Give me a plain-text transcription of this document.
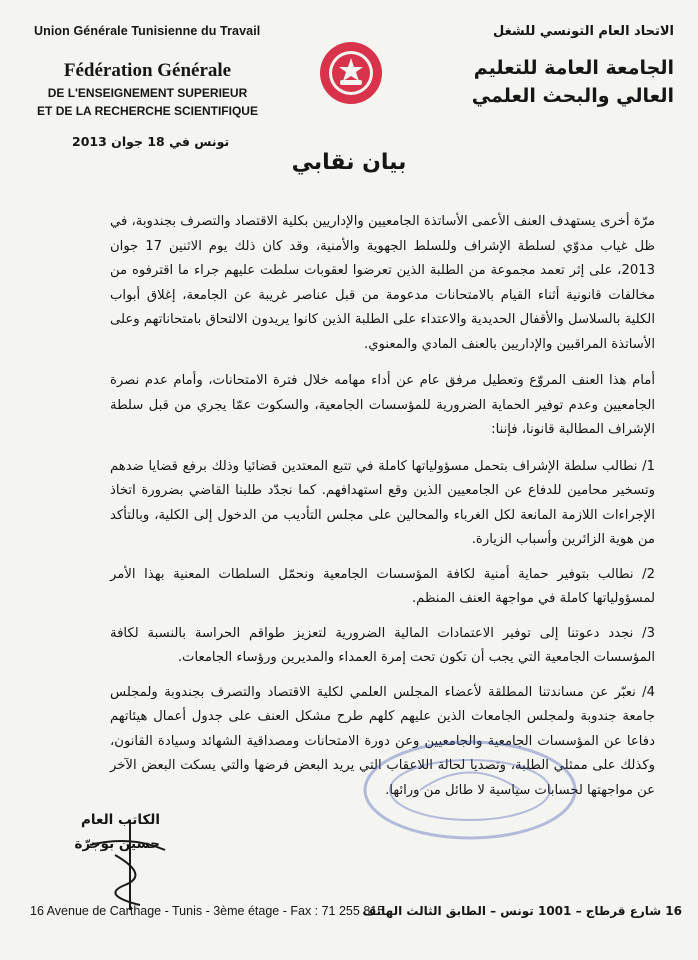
Union Générale Tunisienne du Travail
Fédération Générale
DE L'ENSEIGNEMENT SUPERIEUR
ET DE LA RECHERCHE SCIENTIFIQUE
تونس في 18 جوان 2013
الاتحاد العام التونسي للشغل
الجامعة العامة للتعليم
العالي والبحث العلمي
بيان نقابي

مرّة أخرى يستهدف العنف الأعمى الأساتذة الجامعيين والإداريين بكلية الاقتصاد والتصرف بجندوبة، في ظل غياب مدوّي لسلطة الإشراف وللسلط الجهوية والأمنية، وقد كان ذلك يوم الاثنين 17 جوان 2013، على إثر تعمد مجموعة من الطلبة الذين تعرضوا لعقوبات سلطت عليهم جراء ما اقترفوه من مخالفات قانونية أثناء القيام بالامتحانات مدعومة من قبل عناصر غريبة عن الجامعة، إغلاق أبواب الكلية بالسلاسل والأقفال الحديدية والاعتداء على الطلبة الذين كانوا يريدون الالتحاق بامتحاناتهم وعلى الأساتذة المراقبين والإداريين بالعنف المادي والمعنوي.

أمام هذا العنف المروّع وتعطيل مرفق عام عن أداء مهامه خلال فترة الامتحانات، وأمام عدم نصرة الجامعيين وعدم توفير الحماية الضرورية للمؤسسات الجامعية، والسكوت عمّا يجري من قبل سلطة الإشراف المطالبة قانونا، فإننا:

1/ نطالب سلطة الإشراف بتحمل مسؤولياتها كاملة في تتبع المعتدين قضائيا وذلك برفع قضايا ضدهم وتسخير محامين للدفاع عن الجامعيين الذين وقع استهدافهم. كما نجدّد طلبنا القاضي بضرورة اتخاذ الإجراءات اللازمة المانعة لكل الغرباء والمحالين على مجلس التأديب من الدخول إلى الكلية، وبالتأكد من هوية الزائرين وأسباب الزيارة.

2/ نطالب بتوفير حماية أمنية لكافة المؤسسات الجامعية ونحمّل السلطات المعنية بهذا الأمر لمسؤولياتها كاملة في مواجهة العنف المنظم.

3/ نجدد دعوتنا إلى توفير الاعتمادات المالية الضرورية لتعزيز طواقم الحراسة بالنسبة لكافة المؤسسات الجامعية التي يجب أن تكون تحت إمرة العمداء والمديرين ورؤساء الجامعات.

4/ نعبّر عن مساندتنا المطلقة لأعضاء المجلس العلمي لكلية الاقتصاد والتصرف بجندوبة ولمجلس جامعة جندوبة ولمجلس الجامعات الذين عليهم كلهم طرح مشكل العنف على جدول أعمال هيئاتهم دفاعا عن المؤسسات الجامعية والجامعيين وعن دورة الامتحانات ومصداقية الشهائد وسيادة القانون، وكذلك على ممثلي الطلبة، وتصديا لحالة اللاعقاب التي يريد البعض فرضها والتي يسكت البعض الآخر عن مواجهتها لحسابات سياسية لا طائل من ورائها.

الكاتب العام
حسين بوجرّة
16 Avenue de Carthage - Tunis - 3ème étage - Fax : 71 255 815
16 شارع قرطاج – 1001 تونس – الطابق الثالث الهاتف
